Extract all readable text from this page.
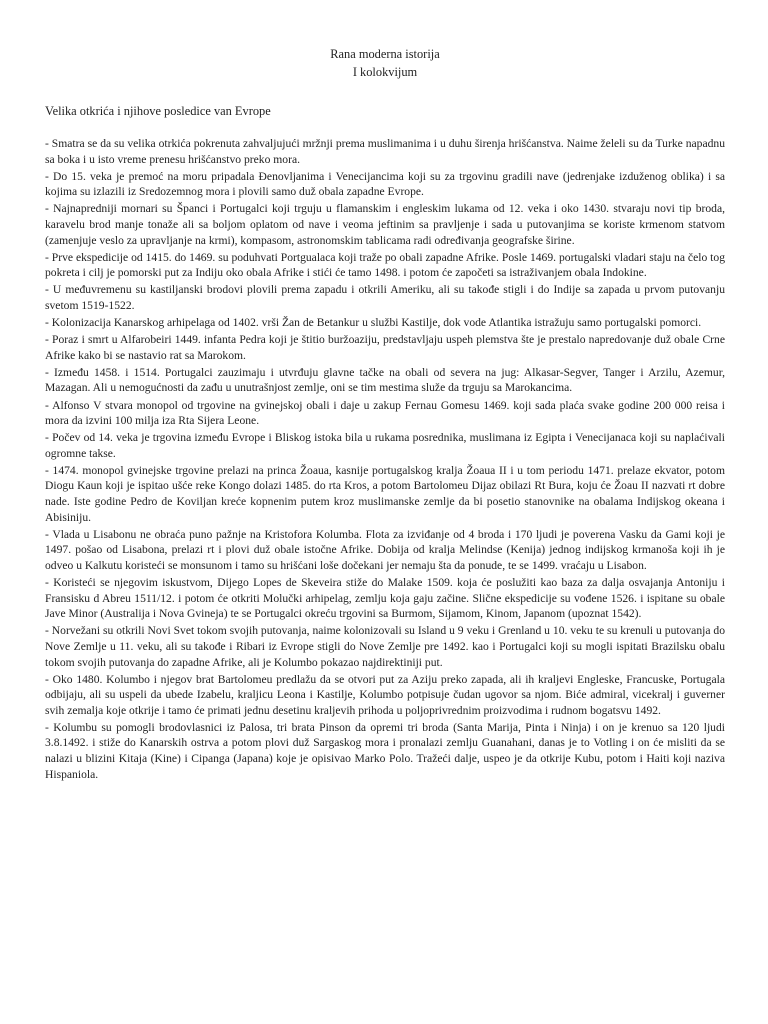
Rana moderna istorija
I kolokvijum
Velika otkrića i njihove posledice van Evrope

- Smatra se da su velika otrkića pokrenuta zahvaljujući mržnji prema muslimanima i u duhu širenja hrišćanstva. Naime želeli su da Turke napadnu sa boka i u isto vreme prenesu hrišćanstvo preko mora.

- Do 15. veka je premoć na moru pripadala Đenovljanima i Venecijancima koji su za trgovinu gradili nave (jedrenjake izduženog oblika) i sa kojima su izlazili iz Sredozemnog mora i plovili samo duž obala zapadne Evrope.

- Najnapredniji mornari su Španci i Portugalci koji trguju u flamanskim i engleskim lukama od 12. veka i oko 1430. stvaraju novi tip broda, karavelu brod manje tonaže ali sa boljom oplatom od nave i veoma jeftinim sa pravljenje i sada u putovanjima se koriste krmenom statvom (zamenjuje veslo za upravljanje na krmi), kompasom, astronomskim tablicama radi određivanja geografske širine.

- Prve ekspedicije od 1415. do 1469. su poduhvati Portgualaca koji traže po obali zapadne Afrike. Posle 1469. portugalski vladari staju na čelo tog pokreta i cilj je pomorski put za Indiju oko obala Afrike i stići će tamo 1498. i potom će započeti sa istraživanjem obala Indokine.

- U međuvremenu su kastiljanski brodovi plovili prema zapadu i otkrili Ameriku, ali su takođe stigli i do Indije sa zapada u prvom putovanju svetom 1519-1522.

- Kolonizacija Kanarskog arhipelaga od 1402. vrši Žan de Betankur u službi Kastilje, dok vode Atlantika istražuju samo portugalski pomorci.

- Poraz i smrt u Alfarobeiri 1449. infanta Pedra koji je štitio buržoaziju, predstavljaju uspeh plemstva šte je prestalo napredovanje duž obale Crne Afrike kako bi se nastavio rat sa Marokom.

- Između 1458. i 1514. Portugalci zauzimaju i utvrđuju glavne tačke na obali od severa na jug: Alkasar-Segver, Tanger i Arzilu, Azemur, Mazagan. Ali u nemogućnosti da zađu u unutrašnjost zemlje, oni se tim mestima služe da trguju sa Marokancima.

- Alfonso V stvara monopol od trgovine na gvinejskoj obali i daje u zakup Fernau Gomesu 1469. koji sada plaća svake godine 200 000 reisa i mora da izvini 100 milja iza Rta Sijera Leone.

- Počev od 14. veka je trgovina između Evrope i Bliskog istoka bila u rukama posrednika, muslimana iz Egipta i Venecijanaca koji su naplaćivali ogromne takse.

- 1474. monopol gvinejske trgovine prelazi na princa Žoaua, kasnije portugalskog kralja Žoaua II i u tom periodu 1471. prelaze ekvator, potom Diogu Kaun koji je ispitao ušće reke Kongo dolazi 1485. do rta Kros, a potom Bartolomeu Dijaz obilazi Rt Bura, koju će Žoau II nazvati rt dobre nade. Iste godine Pedro de Koviljan kreće kopnenim putem kroz muslimanske zemlje da bi posetio stanovnike na obalama Indijskog okeana i Abisiniju.

- Vlada u Lisabonu ne obraća puno pažnje na Kristofora Kolumba. Flota za izviđanje od 4 broda i 170 ljudi je poverena Vasku da Gami koji je 1497. pošao od Lisabona, prelazi rt i plovi duž obale istočne Afrike. Dobija od kralja Melindse (Kenija) jednog indijskog krmanoša koji ih je odveo u Kalkutu koristeći se monsunom i tamo su hrišćani loše dočekani jer nemaju šta da ponude, te se 1499. vraćaju u Lisabon.

- Koristeći se njegovim iskustvom, Dijego Lopes de Skeveira stiže do Malake 1509. koja će poslužiti kao baza za dalja osvajanja Antoniju i Fransisku d Abreu 1511/12. i potom će otkriti Molučki arhipelag, zemlju koja gaju začine. Slične ekspedicije su vođene 1526. i ispitane su obale Jave Minor (Australija i Nova Gvineja) te se Portugalci okreću trgovini sa Burmom, Sijamom, Kinom, Japanom (upoznat 1542).

- Norvežani su otkrili Novi Svet tokom svojih putovanja, naime kolonizovali su Island u 9 veku i Grenland u 10. veku te su krenuli u putovanja do Nove Zemlje u 11. veku, ali su takođe i Ribari iz Evrope stigli do Nove Zemlje pre 1492. kao i Portugalci koji su mogli ispitati Brazilsku obalu tokom svojih putovanja do zapadne Afrike, ali je Kolumbo pokazao najdirektiniji put.

- Oko 1480. Kolumbo i njegov brat Bartolomeu predlažu da se otvori put za Aziju preko zapada, ali ih kraljevi Engleske, Francuske, Portugala odbijaju, ali su uspeli da ubede Izabelu, kraljicu Leona i Kastilje, Kolumbo potpisuje čudan ugovor sa njom. Biće admiral, vicekralj i guverner svih zemalja koje otkrije i tamo će primati jednu desetinu kraljevih prihoda u poljoprivrednim proizvodima i rudnom bogatsvu 1492.

- Kolumbu su pomogli brodovlasnici iz Palosa, tri brata Pinson da opremi tri broda (Santa Marija, Pinta i Ninja) i on je krenuo sa 120 ljudi 3.8.1492. i stiže do Kanarskih ostrva a potom plovi duž Sargaskog mora i pronalazi zemlju Guanahani, danas je to Votling i on će misliti da se nalazi u blizini Kitaja (Kine) i Cipanga (Japana) koje je opisivao Marko Polo. Tražeći dalje, uspeo je da otkrije Kubu, potom i Haiti koji naziva Hispaniola.
